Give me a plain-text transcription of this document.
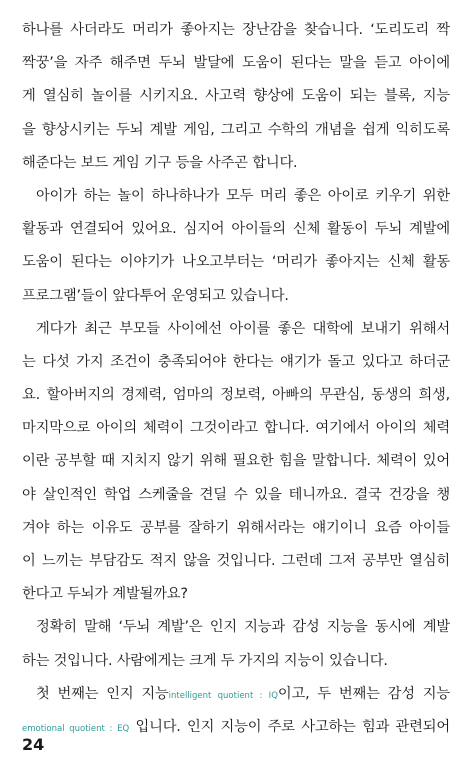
하나를 사더라도 머리가 좋아지는 장난감을 찾습니다. ‘도리도리 짝
짝꿍’을 자주 해주면 두뇌 발달에 도움이 된다는 말을 듣고 아이에
게 열심히 놀이를 시키지요. 사고력 향상에 도움이 되는 블록, 지능
을 향상시키는 두뇌 계발 게임, 그리고 수학의 개념을 쉽게 익히도록
해준다는 보드 게임 기구 등을 사주곤 합니다.
아이가 하는 놀이 하나하나가 모두 머리 좋은 아이로 키우기 위한
활동과 연결되어 있어요. 심지어 아이들의 신체 활동이 두뇌 계발에
도움이 된다는 이야기가 나오고부터는 ‘머리가 좋아지는 신체 활동
프로그램’들이 앞다투어 운영되고 있습니다.
게다가 최근 부모들 사이에선 아이를 좋은 대학에 보내기 위해서
는 다섯 가지 조건이 충족되어야 한다는 얘기가 돌고 있다고 하더군
요. 할아버지의 경제력, 엄마의 정보력, 아빠의 무관심, 동생의 희생,
마지막으로 아이의 체력이 그것이라고 합니다. 여기에서 아이의 체력
이란 공부할 때 지치지 않기 위해 필요한 힘을 말합니다. 체력이 있어
야 살인적인 학업 스케줄을 견딜 수 있을 테니까요. 결국 건강을 챙
겨야 하는 이유도 공부를 잘하기 위해서라는 얘기이니 요즘 아이들
이 느끼는 부담감도 적지 않을 것입니다. 그런데 그저 공부만 열심히
한다고 두뇌가 계발될까요?
정확히 말해 ‘두뇌 계발’은 인지 지능과 감성 지능을 동시에 계발
하는 것입니다. 사람에게는 크게 두 가지의 지능이 있습니다.
첫 번째는 인지 지능intelligent quotient : IQ이고, 두 번째는 감성 지능
emotional quotient : EQ 입니다. 인지 지능이 주로 사고하는 힘과 관련되어
24
